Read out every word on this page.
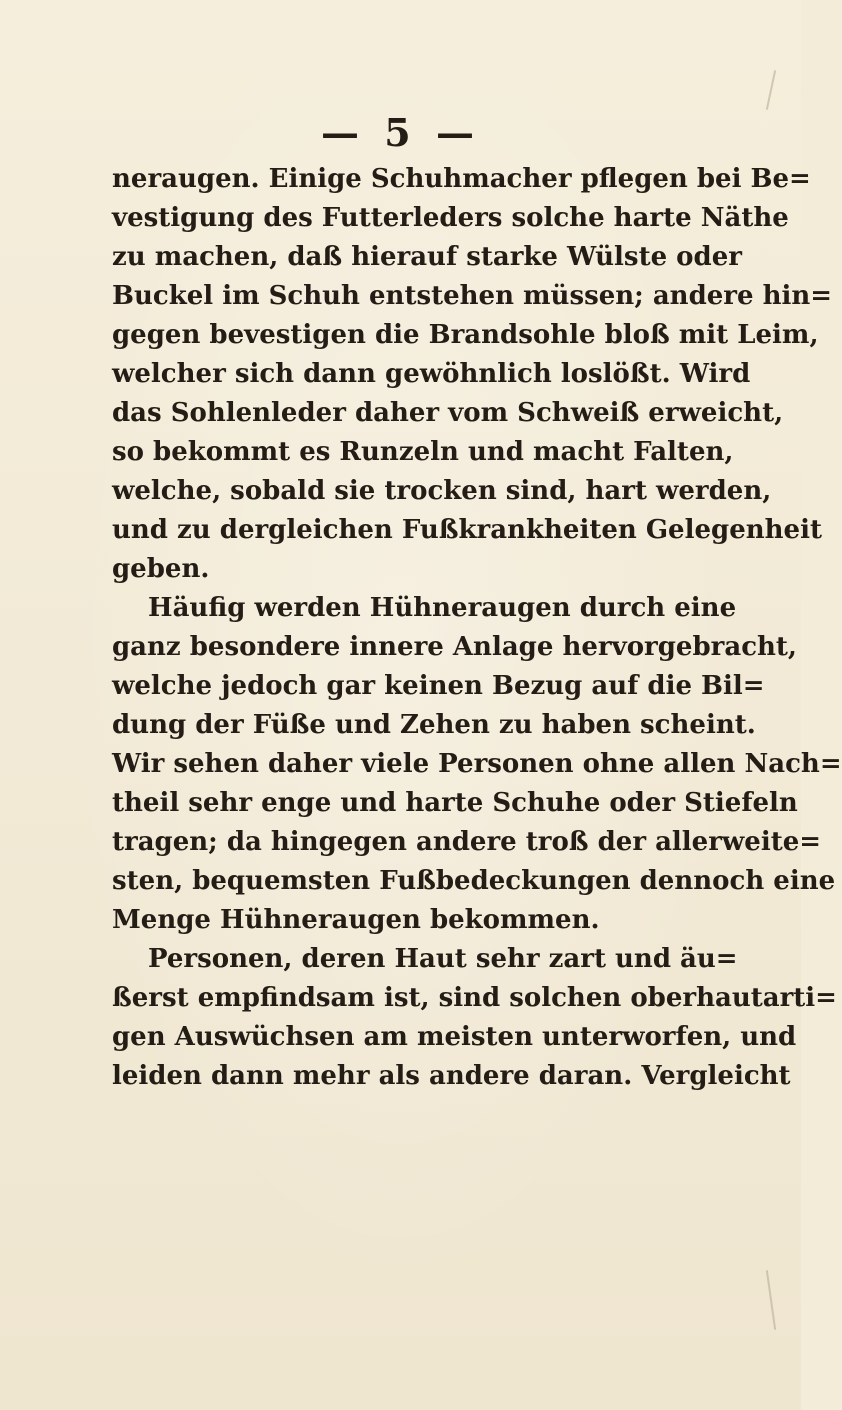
— 5 —
neraugen. Einige Schuhmacher pflegen bei Be=
vestigung des Futterleders solche harte Näthe
zu machen, daß hierauf starke Wülste oder
Buckel im Schuh entstehen müssen; andere hin=
gegen bevestigen die Brandsohle bloß mit Leim,
welcher sich dann gewöhnlich loslößt. Wird
das Sohlenleder daher vom Schweiß erweicht,
so bekommt es Runzeln und macht Falten,
welche, sobald sie trocken sind, hart werden,
und zu dergleichen Fußkrankheiten Gelegenheit
geben.
Häufig werden Hühneraugen durch eine
ganz besondere innere Anlage hervorgebracht,
welche jedoch gar keinen Bezug auf die Bil=
dung der Füße und Zehen zu haben scheint.
Wir sehen daher viele Personen ohne allen Nach=
theil sehr enge und harte Schuhe oder Stiefeln
tragen; da hingegen andere troß der allerweite=
sten, bequemsten Fußbedeckungen dennoch eine
Menge Hühneraugen bekommen.
Personen, deren Haut sehr zart und äu=
ßerst empfindsam ist, sind solchen oberhautarti=
gen Auswüchsen am meisten unterworfen, und
leiden dann mehr als andere daran. Vergleicht
